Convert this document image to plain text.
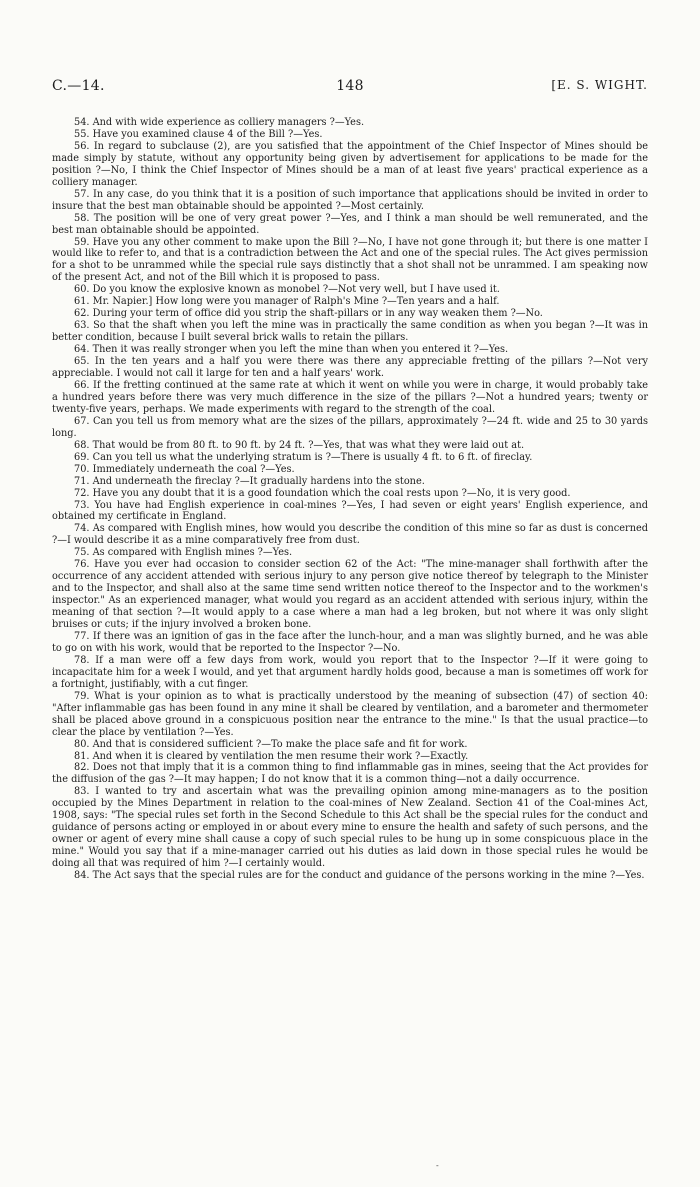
C.—14.	148	[E. S. WIGHT.

54. And with wide experience as colliery managers ?—Yes.

55. Have you examined clause 4 of the Bill ?—Yes.

56. In regard to subclause (2), are you satisfied that the appointment of the Chief Inspector of Mines should be made simply by statute, without any opportunity being given by advertisement for applications to be made for the position ?—No, I think the Chief Inspector of Mines should be a man of at least five years' practical experience as a colliery manager.

57. In any case, do you think that it is a position of such importance that applications should be invited in order to insure that the best man obtainable should be appointed ?—Most certainly.

58. The position will be one of very great power ?—Yes, and I think a man should be well remunerated, and the best man obtainable should be appointed.

59. Have you any other comment to make upon the Bill ?—No, I have not gone through it; but there is one matter I would like to refer to, and that is a contradiction between the Act and one of the special rules. The Act gives permission for a shot to be unrammed while the special rule says distinctly that a shot shall not be unrammed. I am speaking now of the present Act, and not of the Bill which it is proposed to pass.

60. Do you know the explosive known as monobel ?—Not very well, but I have used it.

61. Mr. Napier.] How long were you manager of Ralph's Mine ?—Ten years and a half.

62. During your term of office did you strip the shaft-pillars or in any way weaken them ?—No.

63. So that the shaft when you left the mine was in practically the same condition as when you began ?—It was in better condition, because I built several brick walls to retain the pillars.

64. Then it was really stronger when you left the mine than when you entered it ?—Yes.

65. In the ten years and a half you were there was there any appreciable fretting of the pillars ?—Not very appreciable. I would not call it large for ten and a half years' work.

66. If the fretting continued at the same rate at which it went on while you were in charge, it would probably take a hundred years before there was very much difference in the size of the pillars ?—Not a hundred years; twenty or twenty-five years, perhaps. We made experiments with regard to the strength of the coal.

67. Can you tell us from memory what are the sizes of the pillars, approximately ?—24 ft. wide and 25 to 30 yards long.

68. That would be from 80 ft. to 90 ft. by 24 ft. ?—Yes, that was what they were laid out at.

69. Can you tell us what the underlying stratum is ?—There is usually 4 ft. to 6 ft. of fireclay.

70. Immediately underneath the coal ?—Yes.

71. And underneath the fireclay ?—It gradually hardens into the stone.

72. Have you any doubt that it is a good foundation which the coal rests upon ?—No, it is very good.

73. You have had English experience in coal-mines ?—Yes, I had seven or eight years' English experience, and obtained my certificate in England.

74. As compared with English mines, how would you describe the condition of this mine so far as dust is concerned ?—I would describe it as a mine comparatively free from dust.

75. As compared with English mines ?—Yes.

76. Have you ever had occasion to consider section 62 of the Act: "The mine-manager shall forthwith after the occurrence of any accident attended with serious injury to any person give notice thereof by telegraph to the Minister and to the Inspector, and shall also at the same time send written notice thereof to the Inspector and to the workmen's inspector." As an experienced manager, what would you regard as an accident attended with serious injury, within the meaning of that section ?—It would apply to a case where a man had a leg broken, but not where it was only slight bruises or cuts; if the injury involved a broken bone.

77. If there was an ignition of gas in the face after the lunch-hour, and a man was slightly burned, and he was able to go on with his work, would that be reported to the Inspector ?—No.

78. If a man were off a few days from work, would you report that to the Inspector ?—If it were going to incapacitate him for a week I would, and yet that argument hardly holds good, because a man is sometimes off work for a fortnight, justifiably, with a cut finger.

79. What is your opinion as to what is practically understood by the meaning of subsection (47) of section 40: "After inflammable gas has been found in any mine it shall be cleared by ventilation, and a barometer and thermometer shall be placed above ground in a conspicuous position near the entrance to the mine." Is that the usual practice—to clear the place by ventilation ?—Yes.

80. And that is considered sufficient ?—To make the place safe and fit for work.

81. And when it is cleared by ventilation the men resume their work ?—Exactly.

82. Does not that imply that it is a common thing to find inflammable gas in mines, seeing that the Act provides for the diffusion of the gas ?—It may happen; I do not know that it is a common thing—not a daily occurrence.

83. I wanted to try and ascertain what was the prevailing opinion among mine-managers as to the position occupied by the Mines Department in relation to the coal-mines of New Zealand. Section 41 of the Coal-mines Act, 1908, says: "The special rules set forth in the Second Schedule to this Act shall be the special rules for the conduct and guidance of persons acting or employed in or about every mine to ensure the health and safety of such persons, and the owner or agent of every mine shall cause a copy of such special rules to be hung up in some conspicuous place in the mine." Would you say that if a mine-manager carried out his duties as laid down in those special rules he would be doing all that was required of him ?—I certainly would.

84. The Act says that the special rules are for the conduct and guidance of the persons working in the mine ?—Yes.

-
